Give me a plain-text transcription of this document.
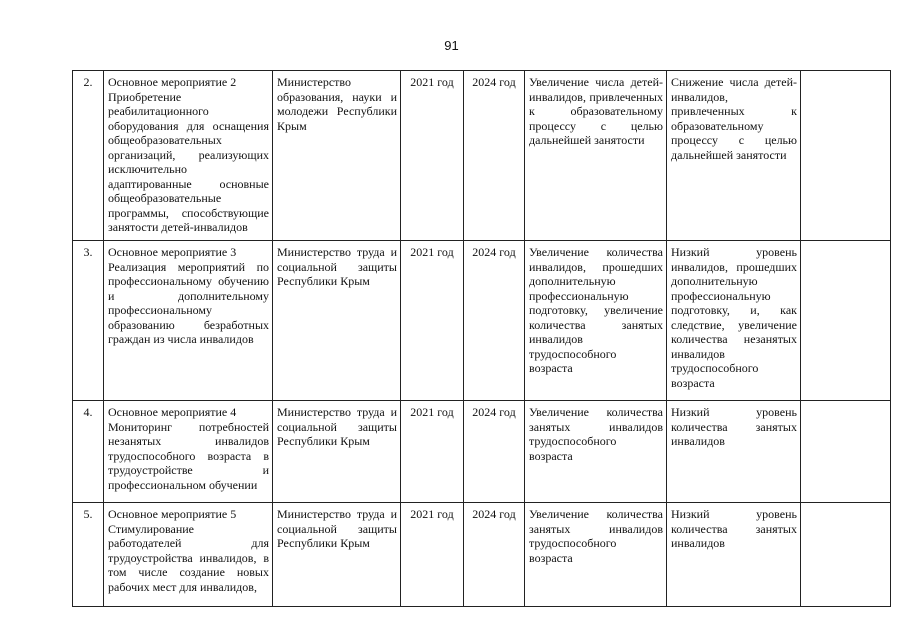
91
2.	Основное мероприятие 2
Приобретение реабилитационного оборудования для оснащения общеобразовательных организаций, реализующих исключительно адаптированные основные общеобразовательные программы, способствующие занятости детей-инвалидов	Министерство образования, науки и молодежи Республики Крым	2021 год	2024 год	Увеличение числа детей-инвалидов, привлеченных к образовательному процессу с целью дальнейшей занятости	Снижение числа детей-инвалидов, привлеченных к образовательному процессу с целью дальнейшей занятости	

3.	Основное мероприятие 3
Реализация мероприятий по профессиональному обучению и дополнительному профессиональному образованию безработных граждан из числа инвалидов	Министерство труда и социальной защиты Республики Крым	2021 год	2024 год	Увеличение количества инвалидов, прошедших дополнительную профессиональную подготовку, увеличение количества занятых инвалидов трудоспособного возраста	Низкий уровень инвалидов, прошедших дополнительную профессиональную подготовку, и, как следствие, увеличение количества незанятых инвалидов трудоспособного возраста	

4.	Основное мероприятие 4
Мониторинг потребностей незанятых инвалидов трудоспособного возраста в трудоустройстве и профессиональном обучении	Министерство труда и социальной защиты Республики Крым	2021 год	2024 год	Увеличение количества занятых инвалидов трудоспособного возраста	Низкий уровень количества занятых инвалидов	

5.	Основное мероприятие 5
Стимулирование работодателей для трудоустройства инвалидов, в том числе создание новых рабочих мест для инвалидов,	Министерство труда и социальной защиты Республики Крым	2021 год	2024 год	Увеличение количества занятых инвалидов трудоспособного возраста	Низкий уровень количества занятых инвалидов	
